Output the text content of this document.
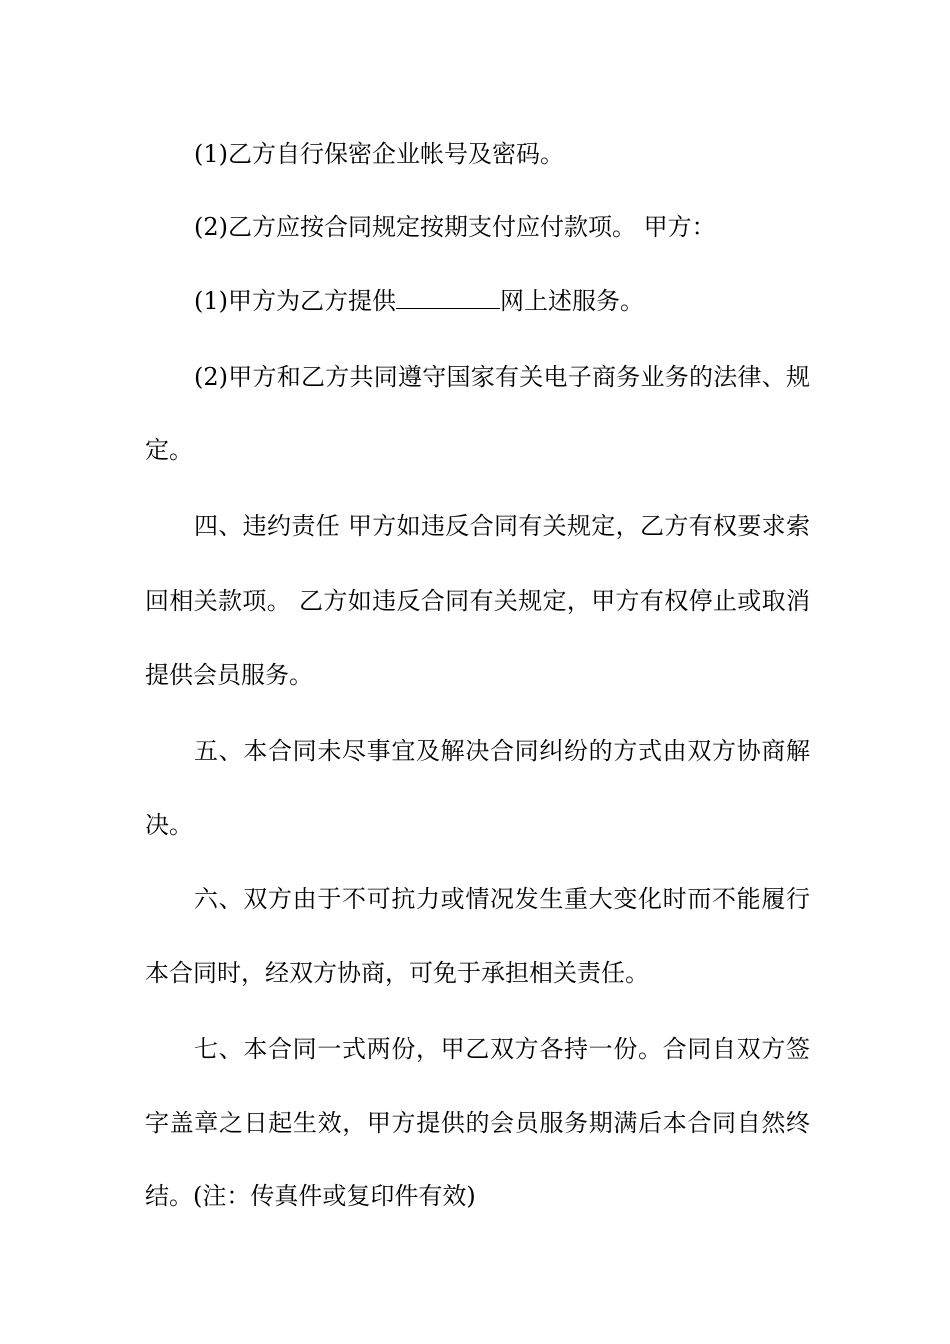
(1)乙方自行保密企业帐号及密码。
(2)乙方应按合同规定按期支付应付款项。 甲方：
(1)甲方为乙方提供	网上述服务。
(2)甲方和乙方共同遵守国家有关电子商务业务的法律、规
定。
四、违约责任 甲方如违反合同有关规定，乙方有权要求索
回相关款项。 乙方如违反合同有关规定，甲方有权停止或取消
提供会员服务。
五、本合同未尽事宜及解决合同纠纷的方式由双方协商解
决。
六、双方由于不可抗力或情况发生重大变化时而不能履行
本合同时，经双方协商，可免于承担相关责任。
七、本合同一式两份，甲乙双方各持一份。合同自双方签
字盖章之日起生效，甲方提供的会员服务期满后本合同自然终
结。(注：传真件或复印件有效)
